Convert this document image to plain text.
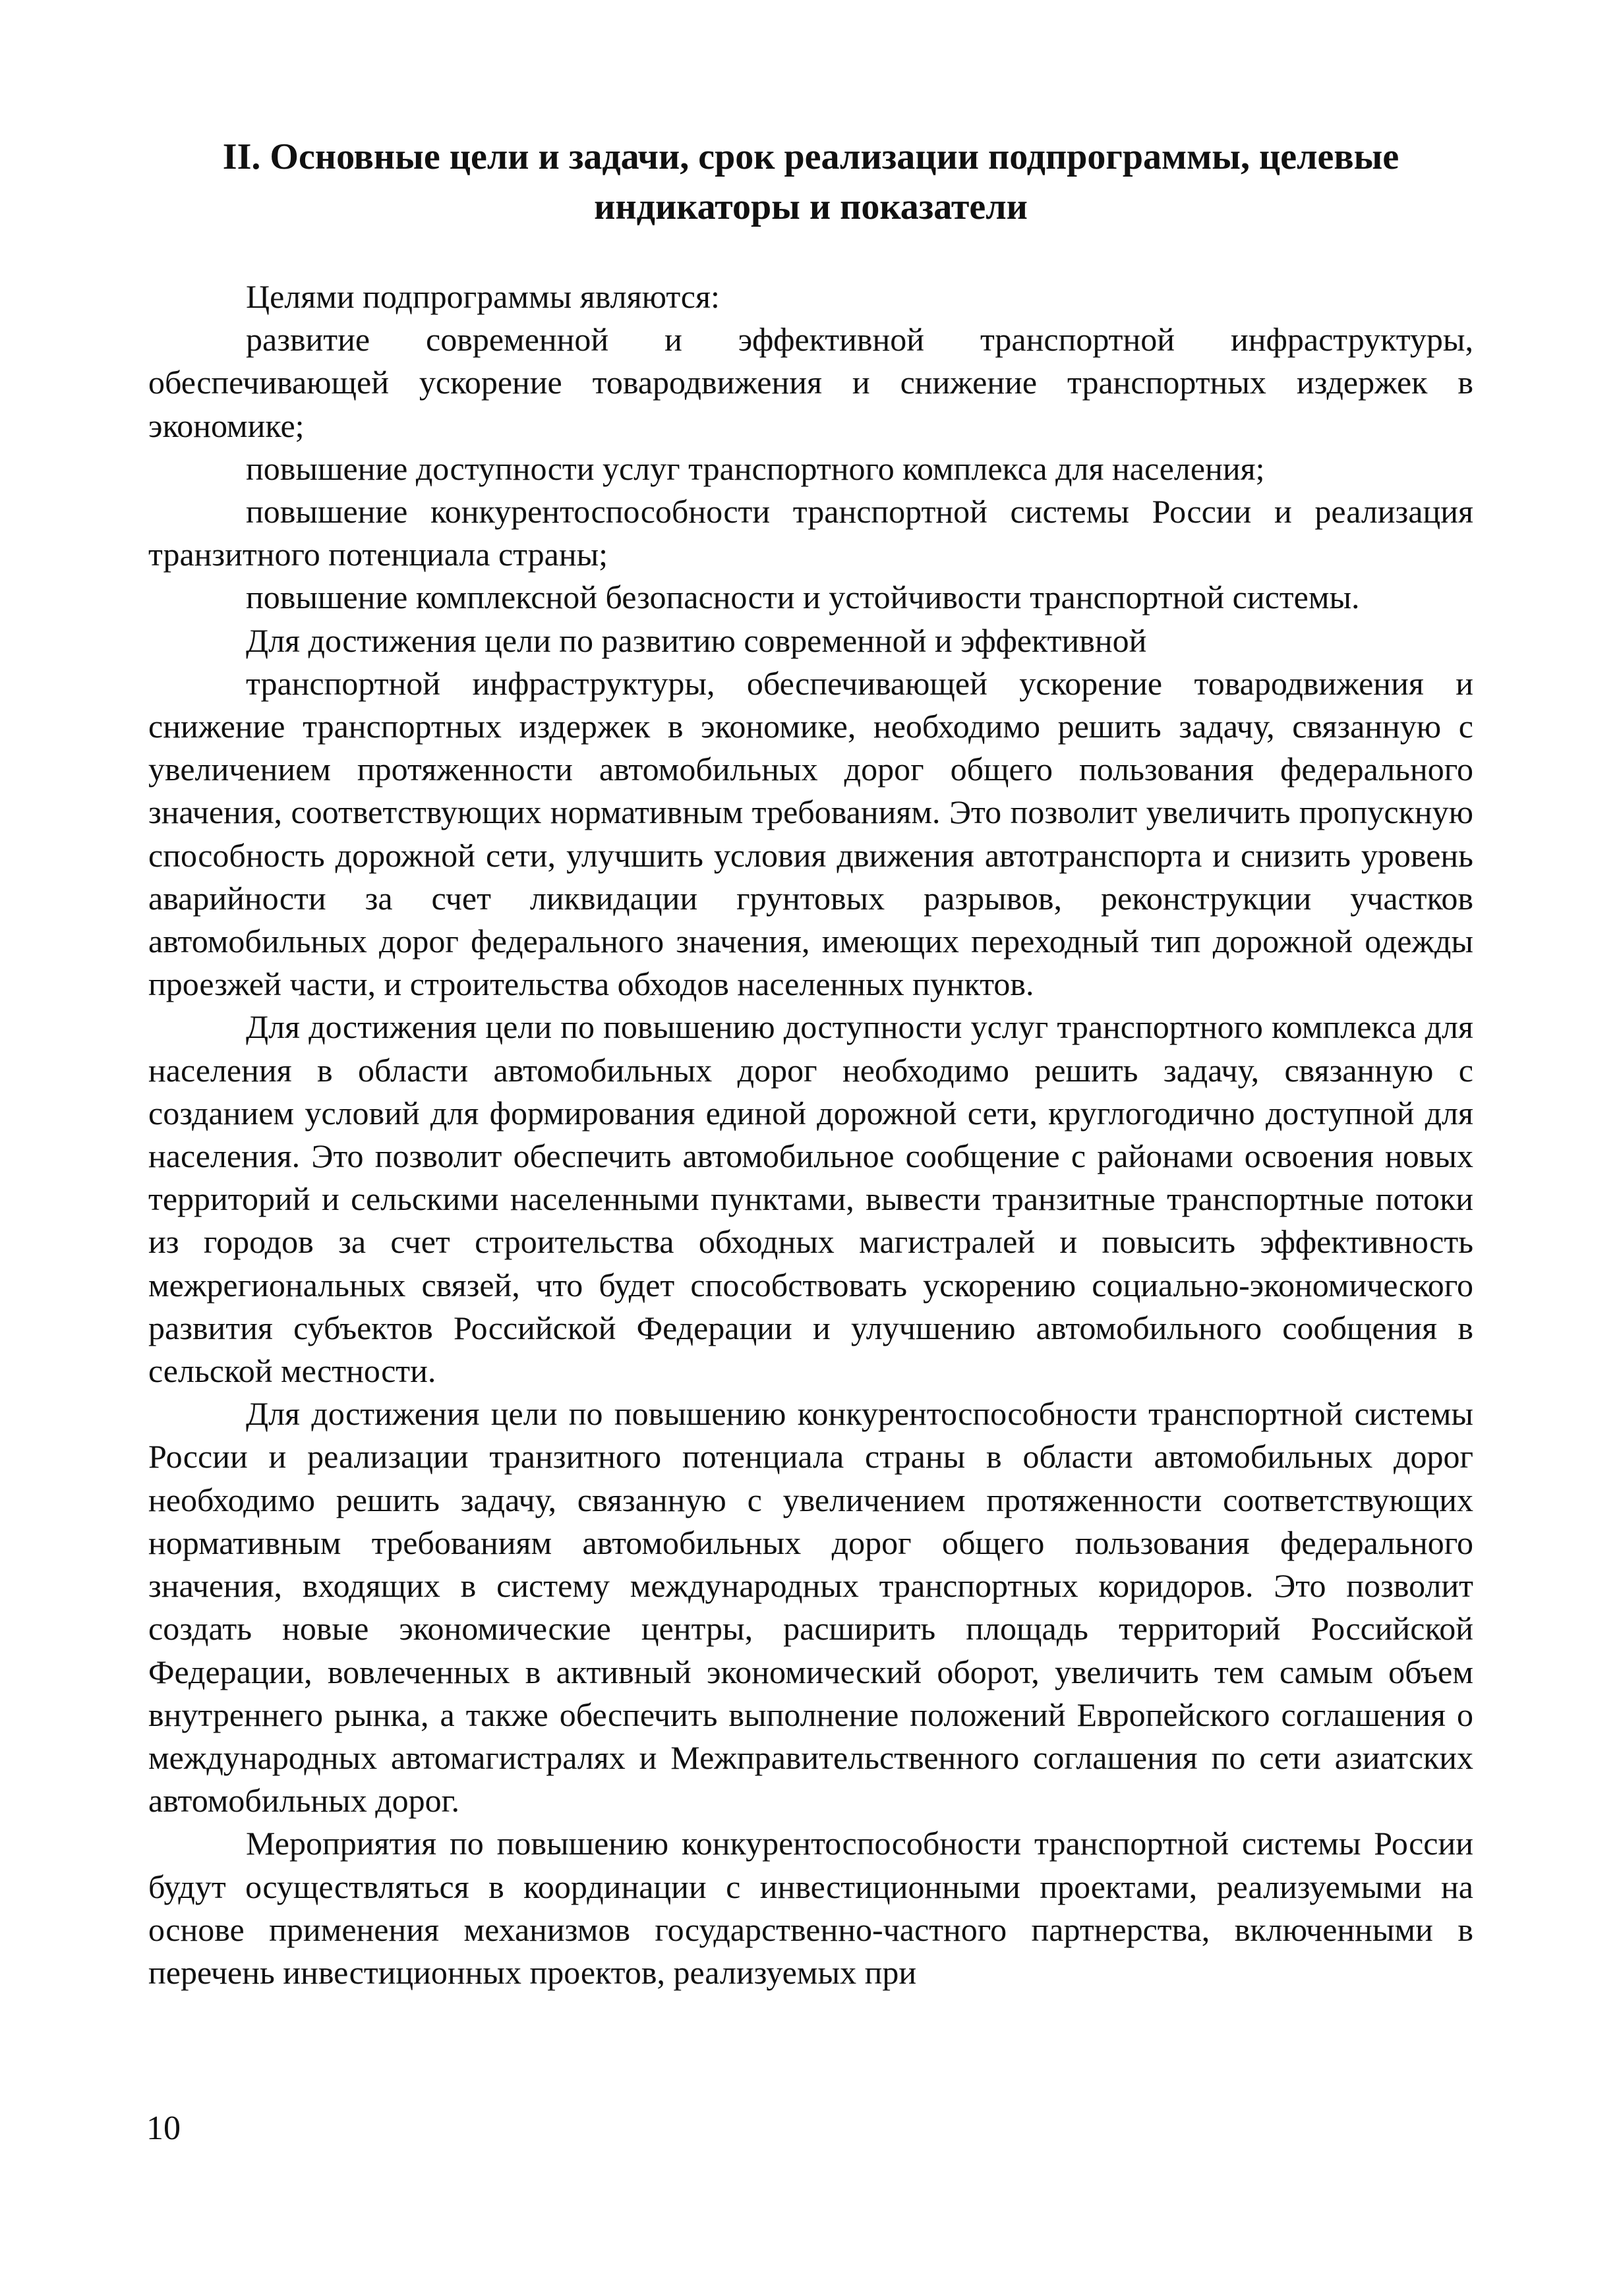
II. Основные цели и задачи, срок реализации подпрограммы, целевые
индикаторы и показатели

Целями подпрограммы являются:

развитие современной и эффективной транспортной инфраструктуры, обеспечивающей ускорение товародвижения и снижение транспортных издержек в экономике;

повышение доступности услуг транспортного комплекса для населения;

повышение конкурентоспособности транспортной системы России и реализация транзитного потенциала страны;

повышение комплексной безопасности и устойчивости транспортной системы.

Для достижения цели по развитию современной и эффективной

транспортной инфраструктуры, обеспечивающей ускорение товародвижения и снижение транспортных издержек в экономике, необходимо решить задачу, связанную с увеличением протяженности автомобильных дорог общего пользования федерального значения, соответствующих нормативным требованиям. Это позволит увеличить пропускную способность дорожной сети, улучшить условия движения автотранспорта и снизить уровень аварийности за счет ликвидации грунтовых разрывов, реконструкции участков автомобильных дорог федерального значения, имеющих переходный тип дорожной одежды проезжей части, и строительства обходов населенных пунктов.

Для достижения цели по повышению доступности услуг транспортного комплекса для населения в области автомобильных дорог необходимо решить задачу, связанную с созданием условий для формирования единой дорожной сети, круглогодично доступной для населения. Это позволит обеспечить автомобильное сообщение с районами освоения новых территорий и сельскими населенными пунктами, вывести транзитные транспортные потоки из городов за счет строительства обходных магистралей и повысить эффективность межрегиональных связей, что будет способствовать ускорению социально-экономического развития субъектов Российской Федерации и улучшению автомобильного сообщения в сельской местности.

Для достижения цели по повышению конкурентоспособности транспортной системы России и реализации транзитного потенциала страны в области автомобильных дорог необходимо решить задачу, связанную с увеличением протяженности соответствующих нормативным требованиям автомобильных дорог общего пользования федерального значения, входящих в систему международных транспортных коридоров. Это позволит создать новые экономические центры, расширить площадь территорий Российской Федерации, вовлеченных в активный экономический оборот, увеличить тем самым объем внутреннего рынка, а также обеспечить выполнение положений Европейского соглашения о международных автомагистралях и Межправительственного соглашения по сети азиатских автомобильных дорог.

Мероприятия по повышению конкурентоспособности транспортной системы России будут осуществляться в координации с инвестиционными проектами, реализуемыми на основе применения механизмов государственно-частного партнерства, включенными в перечень инвестиционных проектов, реализуемых при

10
